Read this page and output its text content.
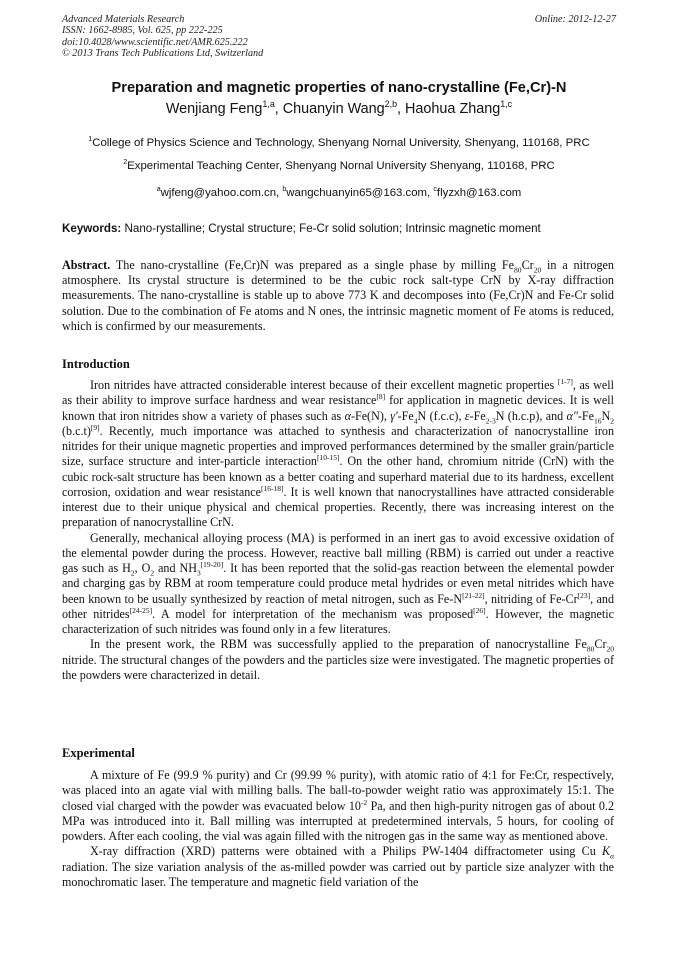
Advanced Materials Research
ISSN: 1662-8985, Vol. 625, pp 222-225
doi:10.4028/www.scientific.net/AMR.625.222
© 2013 Trans Tech Publications Ltd, Switzerland
Online: 2012-12-27
Preparation and magnetic properties of nano-crystalline (Fe,Cr)-N
Wenjiang Feng$^{1,a}$, Chuanyin Wang$^{2,b}$, Haohua Zhang$^{1,c}$
$^1$College of Physics Science and Technology, Shenyang Nornal University, Shenyang, 110168, PRC
$^2$Experimental Teaching Center, Shenyang Nornal University Shenyang, 110168, PRC
$^a$wjfeng@yahoo.com.cn, $^b$wangchuanyin65@163.com, $^c$flyzxh@163.com
Keywords: Nano-rystalline; Crystal structure; Fe-Cr solid solution; Intrinsic magnetic moment
Abstract. The nano-crystalline (Fe,Cr)N was prepared as a single phase by milling $Fe_{80}Cr_{20}$ in a nitrogen atmosphere. Its crystal structure is determined to be the cubic rock salt-type CrN by X-ray diffraction measurements. The nano-crystalline is stable up to above 773 K and decomposes into (Fe,Cr)N and Fe-Cr solid solution. Due to the combination of Fe atoms and N ones, the intrinsic magnetic moment of Fe atoms is reduced, which is confirmed by our measurements.
Introduction

Iron nitrides have attracted considerable interest because of their excellent magnetic properties [1-7], as well as their ability to improve surface hardness and wear resistance[8] for application in magnetic devices. It is well known that iron nitrides show a variety of phases such as α-Fe(N), $\gamma'-Fe_4N$ (f.c.c), $\varepsilon-Fe_{2-3}N$ (h.c.p), and $\alpha''-Fe_{16}N_2$ (b.c.t)[9]. Recently, much importance was attached to synthesis and characterization of nanocrystalline iron nitrides for their unique magnetic properties and improved performances determined by the smaller grain/particle size, surface structure and inter-particle interaction[10-15]. On the other hand, chromium nitride (CrN) with the cubic rock-salt structure has been known as a better coating and superhard material due to its hardness, excellent corrosion, oxidation and wear resistance[16-18]. It is well known that nanocrystallines have attracted considerable interest due to their unique physical and chemical properties. Recently, there was increasing interest on the preparation of nanocrystalline CrN.

Generally, mechanical alloying process (MA) is performed in an inert gas to avoid excessive oxidation of the elemental powder during the process. However, reactive ball milling (RBM) is carried out under a reactive gas such as $H_2$, $O_2$ and $NH_3[19-20]$. It has been reported that the solid-gas reaction between the elemental powder and charging gas by RBM at room temperature could produce metal hydrides or even metal nitrides which have been known to be usually synthesized by reaction of metal nitrogen, such as Fe-N[21-22], nitriding of Fe-Cr[23], and other nitrides[24-25]. A model for interpretation of the mechanism was proposed[26]. However, the magnetic characterization of such nitrides was found only in a few literatures.

In the present work, the RBM was successfully applied to the preparation of nanocrystalline $Fe_{80}Cr_{20}$ nitride. The structural changes of the powders and the particles size were investigated. The magnetic properties of the powders were characterized in detail.

Experimental

A mixture of Fe (99.9 % purity) and Cr (99.99 % purity), with atomic ratio of 4:1 for Fe:Cr, respectively, was placed into an agate vial with milling balls. The ball-to-powder weight ratio was approximately 15:1. The closed vial charged with the powder was evacuated below $10^{-2}$ Pa, and then high-purity nitrogen gas of about 0.2 MPa was introduced into it. Ball milling was interrupted at predetermined intervals, 5 hours, for cooling of powders. After each cooling, the vial was again filled with the nitrogen gas in the same way as mentioned above.

X-ray diffraction (XRD) patterns were obtained with a Philips PW-1404 diffractometer using Cu $K_\alpha$ radiation. The size variation analysis of the as-milled powder was carried out by particle size analyzer with the monochromatic laser. The temperature and magnetic field variation of the
